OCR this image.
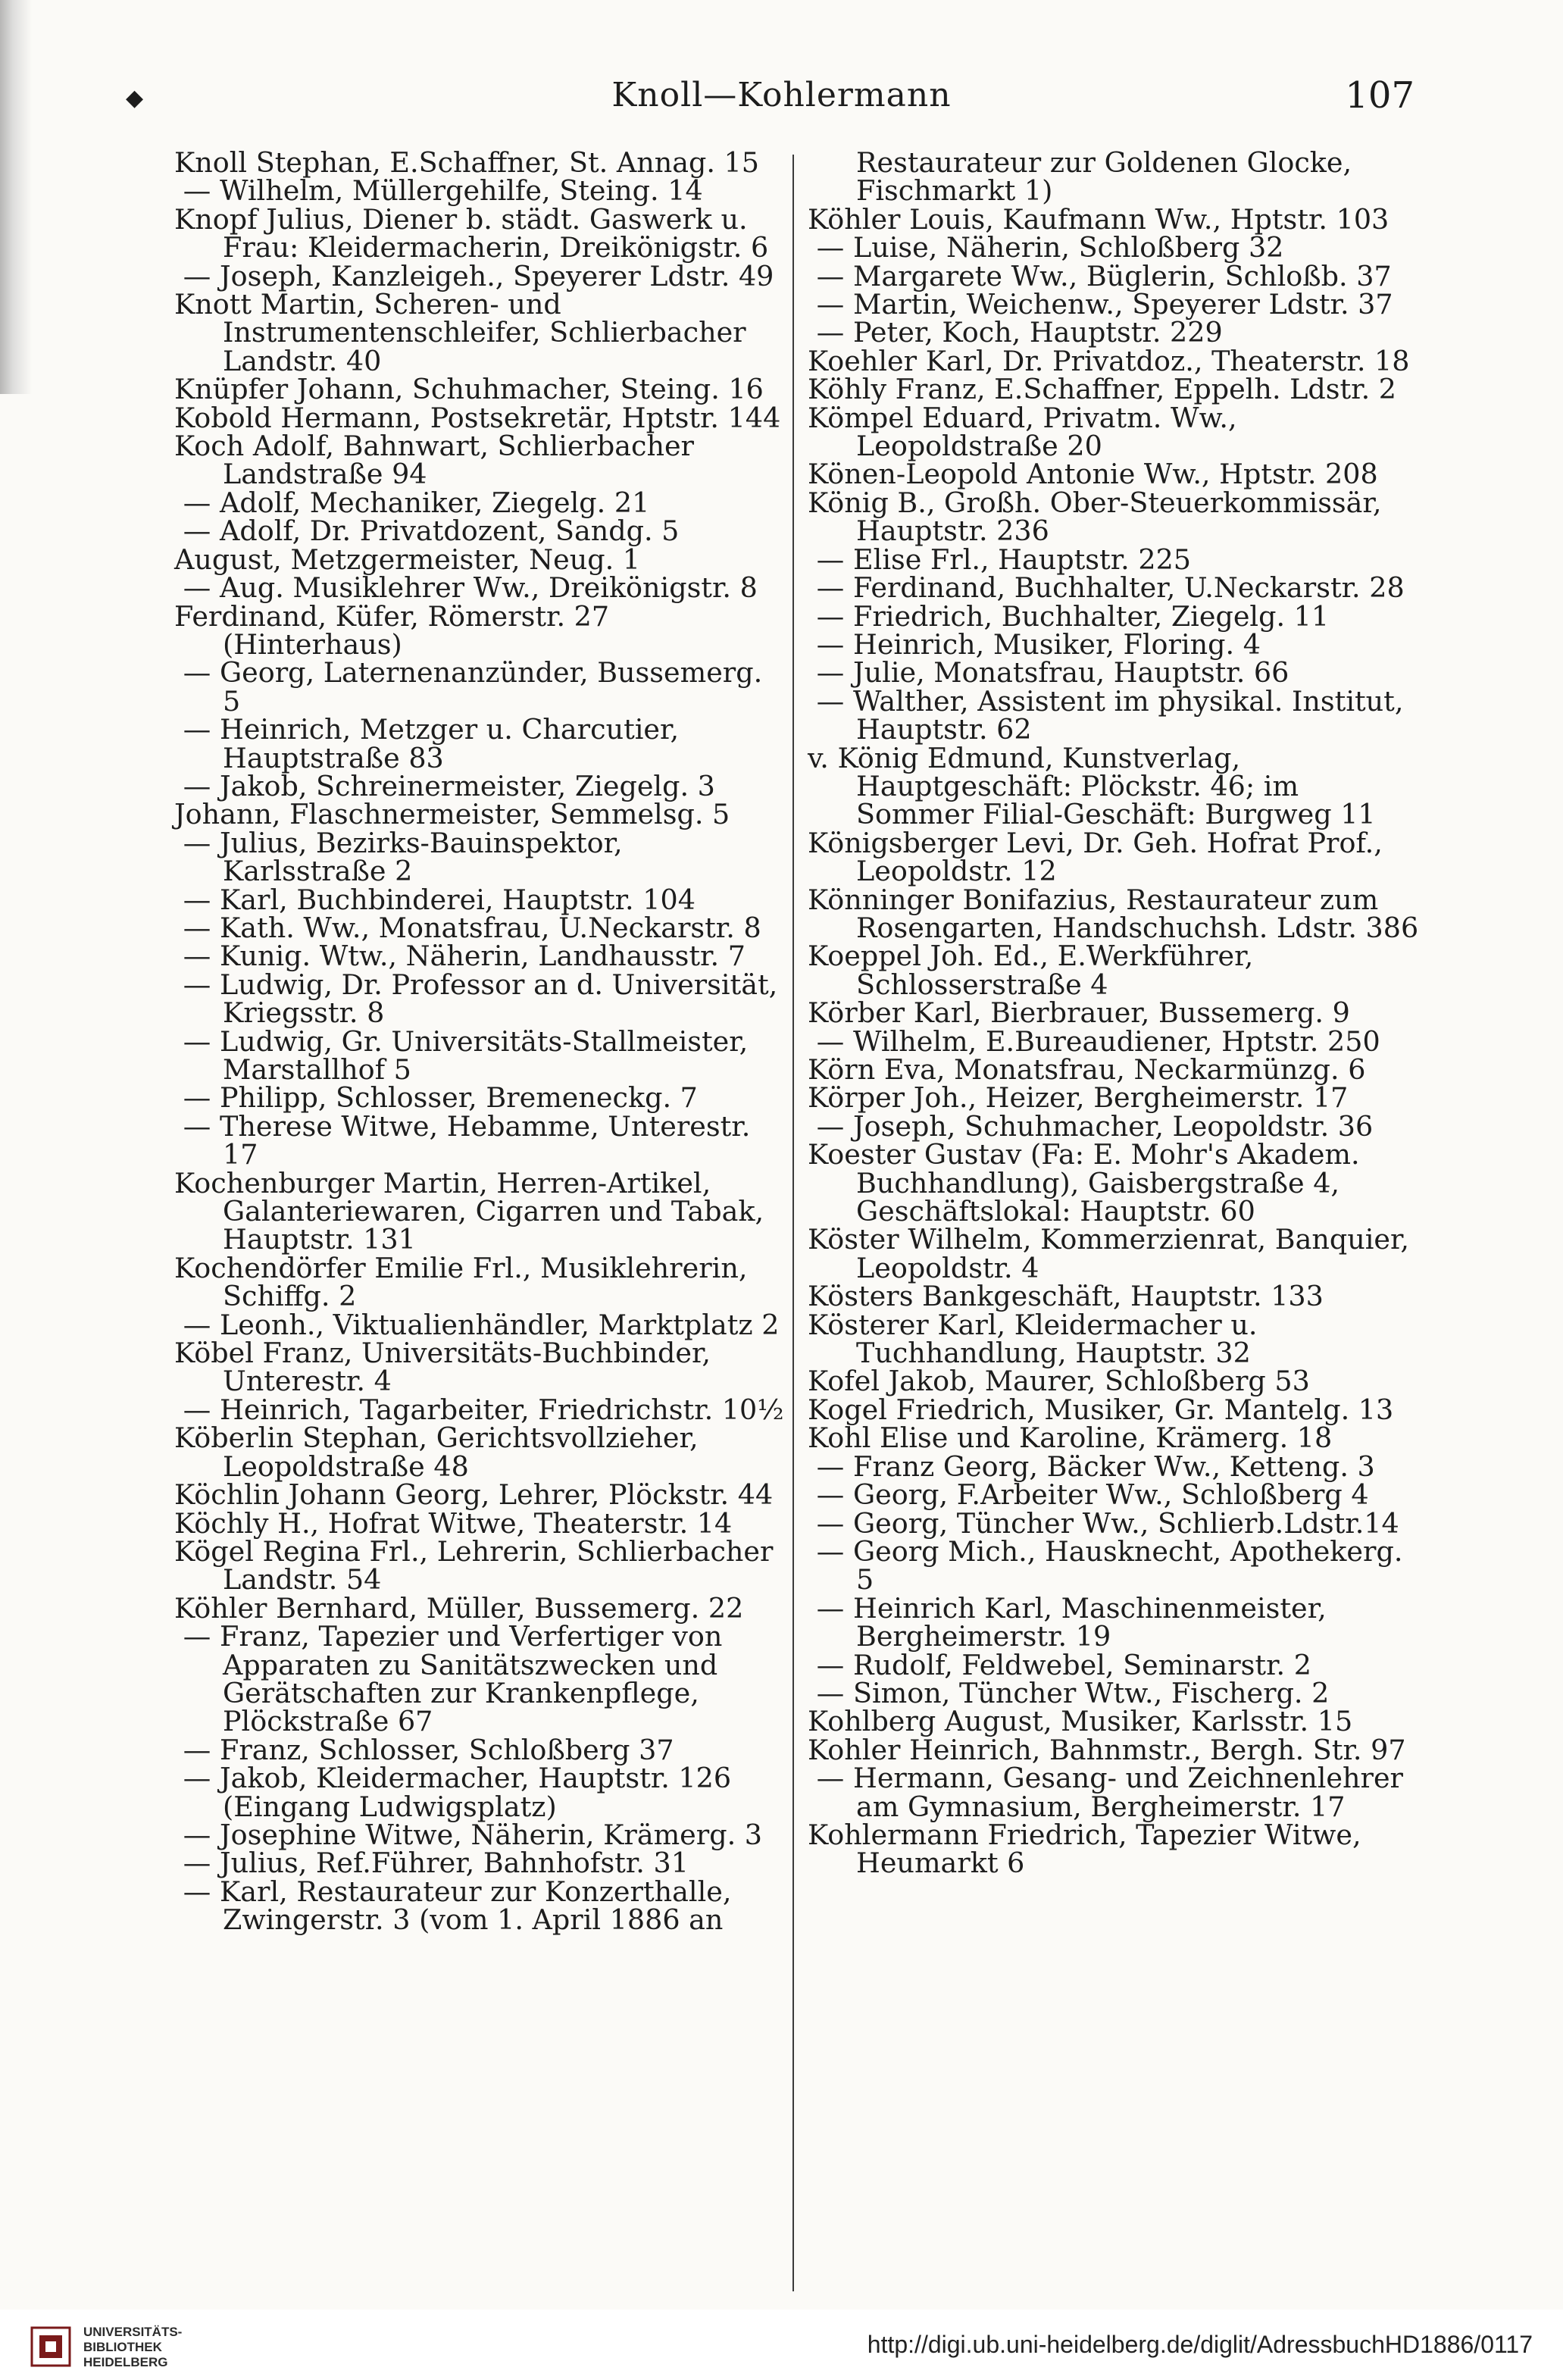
◆	Knoll—Kohlermann	107

Knoll Stephan, E.Schaffner, St. Annag. 15

— Wilhelm, Müllergehilfe, Steing. 14

Knopf Julius, Diener b. städt. Gaswerk u. Frau: Kleidermacherin, Dreikönigstr. 6

— Joseph, Kanzleigeh., Speyerer Ldstr. 49

Knott Martin, Scheren- und Instrumentenschleifer, Schlierbacher Landstr. 40

Knüpfer Johann, Schuhmacher, Steing. 16

Kobold Hermann, Postsekretär, Hptstr. 144

Koch Adolf, Bahnwart, Schlierbacher Landstraße 94

— Adolf, Mechaniker, Ziegelg. 21

— Adolf, Dr. Privatdozent, Sandg. 5

August, Metzgermeister, Neug. 1

— Aug. Musiklehrer Ww., Dreikönigstr. 8

Ferdinand, Küfer, Römerstr. 27 (Hinterhaus)

— Georg, Laternenanzünder, Bussemerg. 5

— Heinrich, Metzger u. Charcutier, Hauptstraße 83

— Jakob, Schreinermeister, Ziegelg. 3

Johann, Flaschnermeister, Semmelsg. 5

— Julius, Bezirks-Bauinspektor, Karlsstraße 2

— Karl, Buchbinderei, Hauptstr. 104

— Kath. Ww., Monatsfrau, U.Neckarstr. 8

— Kunig. Wtw., Näherin, Landhausstr. 7

— Ludwig, Dr. Professor an d. Universität, Kriegsstr. 8

— Ludwig, Gr. Universitäts-Stallmeister, Marstallhof 5

— Philipp, Schlosser, Bremeneckg. 7

— Therese Witwe, Hebamme, Unterestr. 17

Kochenburger Martin, Herren-Artikel, Galanteriewaren, Cigarren und Tabak, Hauptstr. 131

Kochendörfer Emilie Frl., Musiklehrerin, Schiffg. 2

— Leonh., Viktualienhändler, Marktplatz 2

Köbel Franz, Universitäts-Buchbinder, Unterestr. 4

— Heinrich, Tagarbeiter, Friedrichstr. 10½

Köberlin Stephan, Gerichtsvollzieher, Leopoldstraße 48

Köchlin Johann Georg, Lehrer, Plöckstr. 44

Köchly H., Hofrat Witwe, Theaterstr. 14

Kögel Regina Frl., Lehrerin, Schlierbacher Landstr. 54

Köhler Bernhard, Müller, Bussemerg. 22

— Franz, Tapezier und Verfertiger von Apparaten zu Sanitätszwecken und Gerätschaften zur Krankenpflege, Plöckstraße 67

— Franz, Schlosser, Schloßberg 37

— Jakob, Kleidermacher, Hauptstr. 126 (Eingang Ludwigsplatz)

— Josephine Witwe, Näherin, Krämerg. 3

— Julius, Ref.Führer, Bahnhofstr. 31

— Karl, Restaurateur zur Konzerthalle, Zwingerstr. 3 (vom 1. April 1886 an

Restaurateur zur Goldenen Glocke, Fischmarkt 1)

Köhler Louis, Kaufmann Ww., Hptstr. 103

— Luise, Näherin, Schloßberg 32

— Margarete Ww., Büglerin, Schloßb. 37

— Martin, Weichenw., Speyerer Ldstr. 37

— Peter, Koch, Hauptstr. 229

Koehler Karl, Dr. Privatdoz., Theaterstr. 18

Köhly Franz, E.Schaffner, Eppelh. Ldstr. 2

Kömpel Eduard, Privatm. Ww., Leopoldstraße 20

Könen-Leopold Antonie Ww., Hptstr. 208

König B., Großh. Ober-Steuerkommissär, Hauptstr. 236

— Elise Frl., Hauptstr. 225

— Ferdinand, Buchhalter, U.Neckarstr. 28

— Friedrich, Buchhalter, Ziegelg. 11

— Heinrich, Musiker, Floring. 4

— Julie, Monatsfrau, Hauptstr. 66

— Walther, Assistent im physikal. Institut, Hauptstr. 62

v. König Edmund, Kunstverlag, Hauptgeschäft: Plöckstr. 46; im Sommer Filial-Geschäft: Burgweg 11

Königsberger Levi, Dr. Geh. Hofrat Prof., Leopoldstr. 12

Könninger Bonifazius, Restaurateur zum Rosengarten, Handschuchsh. Ldstr. 386

Koeppel Joh. Ed., E.Werkführer, Schlosserstraße 4

Körber Karl, Bierbrauer, Bussemerg. 9

— Wilhelm, E.Bureaudiener, Hptstr. 250

Körn Eva, Monatsfrau, Neckarmünzg. 6

Körper Joh., Heizer, Bergheimerstr. 17

— Joseph, Schuhmacher, Leopoldstr. 36

Koester Gustav (Fa: E. Mohr's Akadem. Buchhandlung), Gaisbergstraße 4, Geschäftslokal: Hauptstr. 60

Köster Wilhelm, Kommerzienrat, Banquier, Leopoldstr. 4

Kösters Bankgeschäft, Hauptstr. 133

Kösterer Karl, Kleidermacher u. Tuchhandlung, Hauptstr. 32

Kofel Jakob, Maurer, Schloßberg 53

Kogel Friedrich, Musiker, Gr. Mantelg. 13

Kohl Elise und Karoline, Krämerg. 18

— Franz Georg, Bäcker Ww., Ketteng. 3

— Georg, F.Arbeiter Ww., Schloßberg 4

— Georg, Tüncher Ww., Schlierb.Ldstr.14

— Georg Mich., Hausknecht, Apothekerg. 5

— Heinrich Karl, Maschinenmeister, Bergheimerstr. 19

— Rudolf, Feldwebel, Seminarstr. 2

— Simon, Tüncher Wtw., Fischerg. 2

Kohlberg August, Musiker, Karlsstr. 15

Kohler Heinrich, Bahnmstr., Bergh. Str. 97

— Hermann, Gesang- und Zeichnenlehrer am Gymnasium, Bergheimerstr. 17

Kohlermann Friedrich, Tapezier Witwe, Heumarkt 6

UNIVERSITÄTS-
BIBLIOTHEK
HEIDELBERG
http://digi.ub.uni-heidelberg.de/diglit/AdressbuchHD1886/0117
